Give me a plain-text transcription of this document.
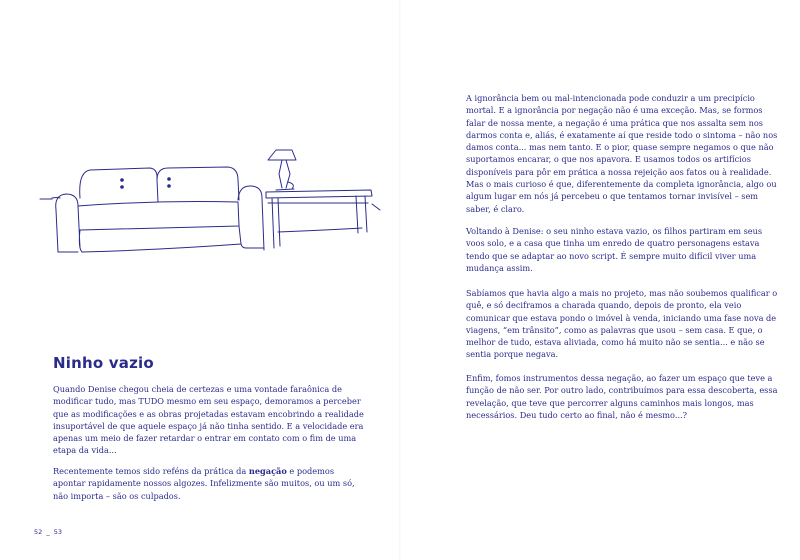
Ninho vazio

Quando Denise chegou cheia de certezas e uma vontade faraônica de modificar tudo, mas TUDO mesmo em seu espaço, demoramos a perceber que as modificações e as obras projetadas estavam encobrindo a realidade insuportável de que aquele espaço já não tinha sentido. E a velocidade era apenas um meio de fazer retardar o entrar em contato com o fim de uma etapa da vida...

Recentemente temos sido reféns da prática da negação e podemos apontar rapidamente nossos algozes. Infelizmente são muitos, ou um só, não importa – são os culpados.

52 _ 53

A ignorância bem ou mal-intencionada pode conduzir a um precipício mortal. E a ignorância por negação não é uma exceção. Mas, se formos falar de nossa mente, a negação é uma prática que nos assalta sem nos darmos conta e, aliás, é exatamente aí que reside todo o sintoma – não nos damos conta... mas nem tanto. E o pior, quase sempre negamos o que não suportamos encarar, o que nos apavora. E usamos todos os artifícios disponíveis para pôr em prática a nossa rejeição aos fatos ou à realidade. Mas o mais curioso é que, diferentemente da completa ignorância, algo ou algum lugar em nós já percebeu o que tentamos tornar invisível – sem saber, é claro.

Voltando à Denise: o seu ninho estava vazio, os filhos partiram em seus voos solo, e a casa que tinha um enredo de quatro personagens estava tendo que se adaptar ao novo script. É sempre muito difícil viver uma mudança assim.

Sabíamos que havia algo a mais no projeto, mas não soubemos qualificar o quê, e só deciframos a charada quando, depois de pronto, ela veio comunicar que estava pondo o imóvel à venda, iniciando uma fase nova de viagens, “em trânsito”, como as palavras que usou – sem casa. E que, o melhor de tudo, estava aliviada, como há muito não se sentia... e não se sentia porque negava.

Enfim, fomos instrumentos dessa negação, ao fazer um espaço que teve a função de não ser. Por outro lado, contribuímos para essa descoberta, essa revelação, que teve que percorrer alguns caminhos mais longos, mas necessários. Deu tudo certo ao final, não é mesmo...?
